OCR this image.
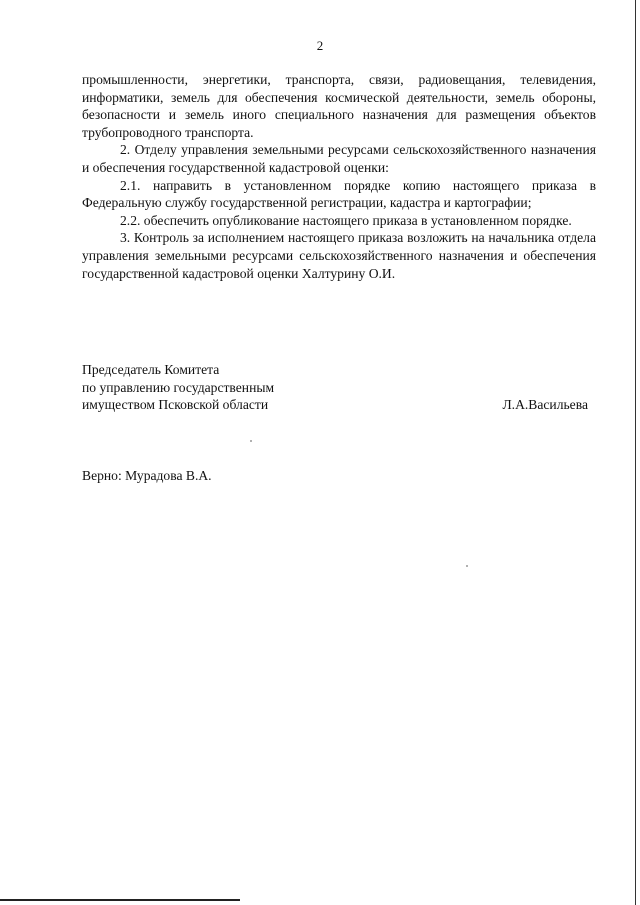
2

промышленности, энергетики, транспорта, связи, радиовещания, телевидения, информатики, земель для обеспечения космической деятельности, земель обороны, безопасности и земель иного специального назначения для размещения объектов трубопроводного транспорта.

2. Отделу управления земельными ресурсами сельскохозяйственного назначения и обеспечения государственной кадастровой оценки:

2.1. направить в установленном порядке копию настоящего приказа в Федеральную службу государственной регистрации, кадастра и картографии;

2.2. обеспечить опубликование настоящего приказа в установленном порядке.

3. Контроль за исполнением настоящего приказа возложить на начальника отдела управления земельными ресурсами сельскохозяйственного назначения и обеспечения государственной кадастровой оценки Халтурину О.И.

Председатель Комитета
по управлению государственным
имуществом Псковской области	Л.А.Васильева
Верно: Мурадова В.А.
